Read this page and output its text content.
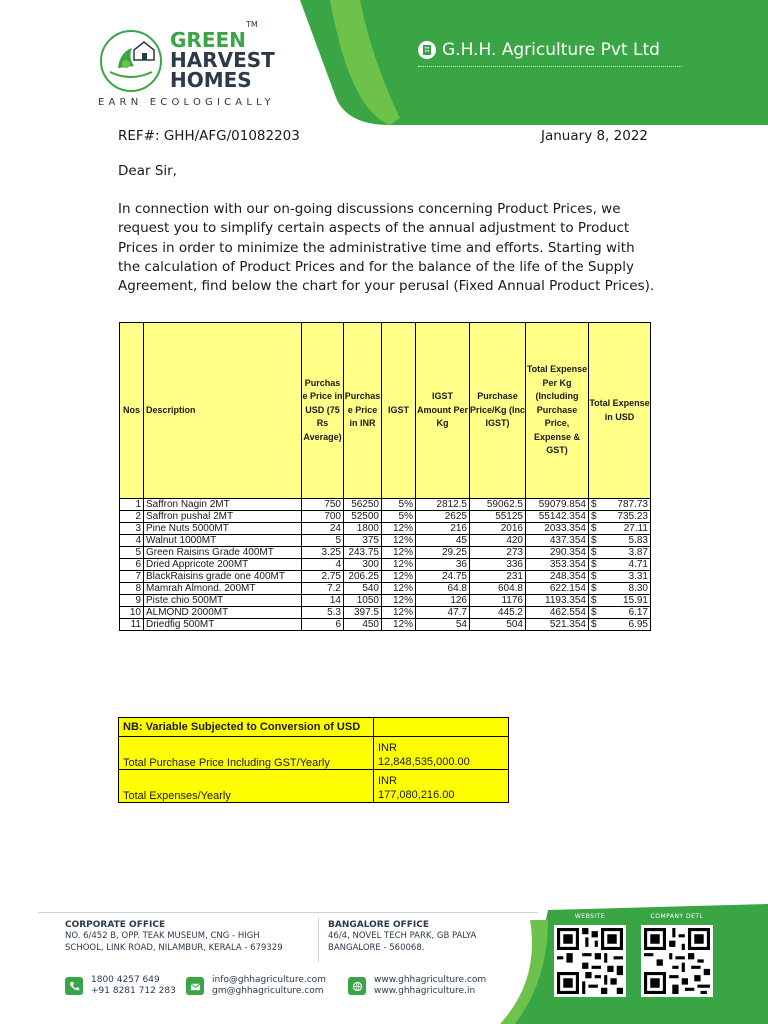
TM
GREEN
HARVEST
HOMES
EARN ECOLOGICALLY
G.H.H. Agriculture Pvt Ltd
REF#: GHH/AFG/01082203	January 8, 2022
Dear Sir,
In connection with our on-going discussions concerning Product Prices, we request you to simplify certain aspects of the annual adjustment to Product Prices in order to minimize the administrative time and efforts. Starting with the calculation of Product Prices and for the balance of the life of the Supply Agreement, find below the chart for your perusal (Fixed Annual Product Prices).
Nos	Description	Purchas e Price in USD (75 Rs Average)	Purchas e Price in INR	IGST	IGST Amount Per Kg	Purchase Price/Kg (Inc IGST)	Total Expense Per Kg (Including Purchase Price, Expense & GST)	Total Expense in USD
1	Saffron Nagin 2MT	750	56250	5%	2812.5	59062.5	59079.854	$ 787.73

2	Saffron pushal 2MT	700	52500	5%	2625	55125	55142.354	$ 735.23

3	Pine Nuts 5000MT	24	1800	12%	216	2016	2033.354	$ 27.11

4	Walnut 1000MT	5	375	12%	45	420	437.354	$ 5.83

5	Green Raisins Grade 400MT	3.25	243.75	12%	29.25	273	290.354	$ 3.87

6	Dried Appricote 200MT	4	300	12%	36	336	353.354	$ 4.71

7	BlackRaisins grade one 400MT	2.75	206.25	12%	24.75	231	248.354	$ 3.31

8	Mamrah Almond. 200MT	7.2	540	12%	64.8	604.8	622.154	$ 8.30

9	Piste chio 500MT	14	1050	12%	126	1176	1193.354	$ 15.91

10	ALMOND 2000MT	5.3	397.5	12%	47.7	445.2	462.554	$ 6.17

11	Driedfig 500MT	6	450	12%	54	504	521.354	$ 6.95
NB: Variable Subjected to Conversion of USD	
Total Purchase Price Including GST/Yearly	INR
12,848,535,000.00

Total Expenses/Yearly	INR
177,080,216.00
CORPORATE OFFICE
NO. 6/452 B, OPP. TEAK MUSEUM, CNG - HIGH
SCHOOL, LINK ROAD, NILAMBUR, KERALA - 679329
BANGALORE OFFICE
46/4, NOVEL TECH PARK, GB PALYA
BANGALORE - 560068.
1800 4257 649
+91 8281 712 283
info@ghhagriculture.com
gm@ghhagriculture.com
www.ghhagriculture.com
www.ghhagriculture.in
WEBSITE	COMPANY DETL
